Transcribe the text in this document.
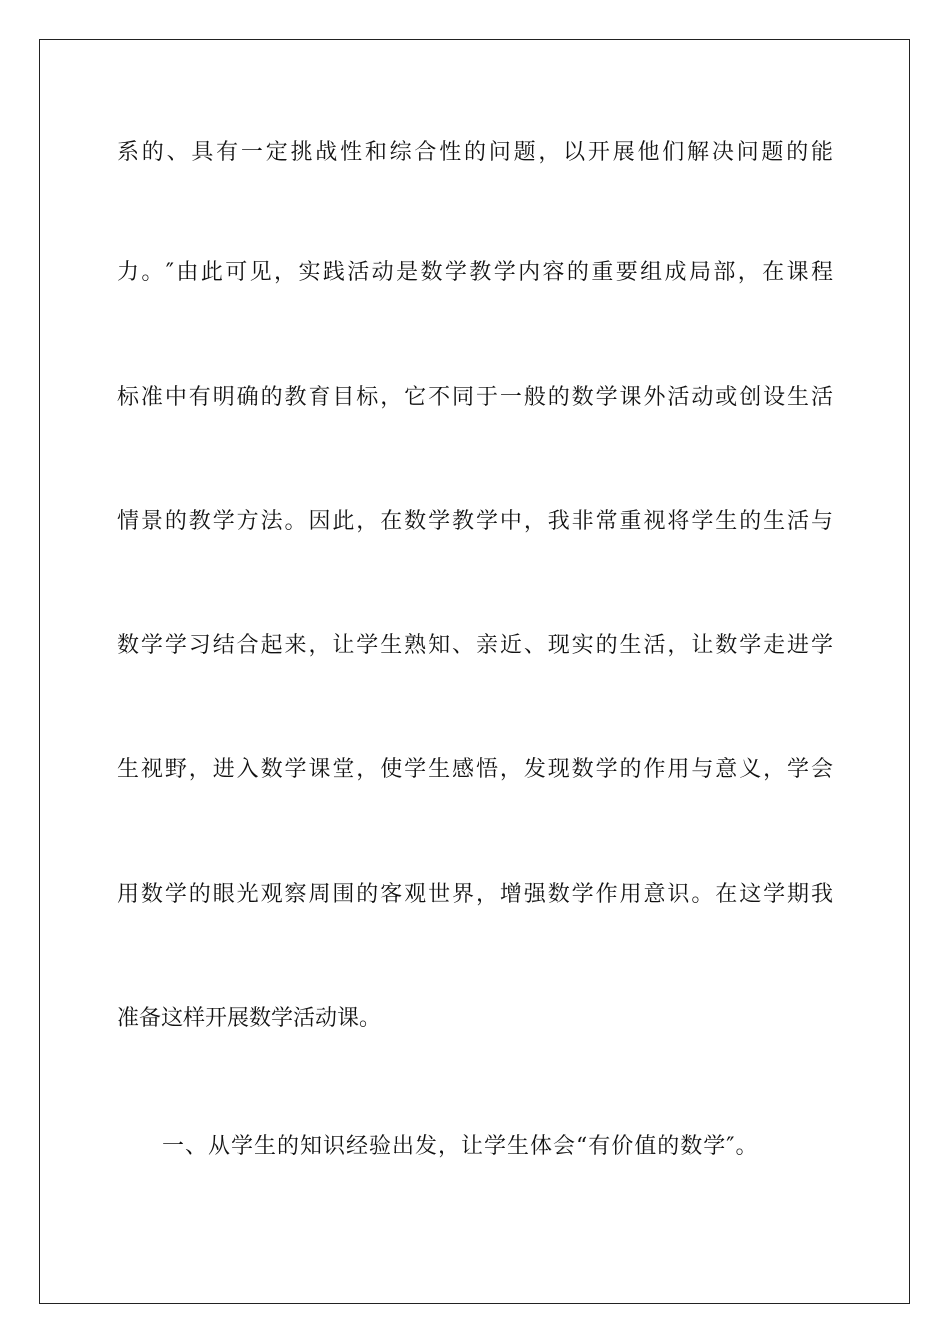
系的、具有一定挑战性和综合性的问题，以开展他们解决问题的能
力。″由此可见，实践活动是数学教学内容的重要组成局部，在课程
标准中有明确的教育目标，它不同于一般的数学课外活动或创设生活
情景的教学方法。因此，在数学教学中，我非常重视将学生的生活与
数学学习结合起来，让学生熟知、亲近、现实的生活，让数学走进学
生视野，进入数学课堂，使学生感悟，发现数学的作用与意义，学会
用数学的眼光观察周围的客观世界，增强数学作用意识。在这学期我
准备这样开展数学活动课。
一、从学生的知识经验出发，让学生体会“有价值的数学″。
